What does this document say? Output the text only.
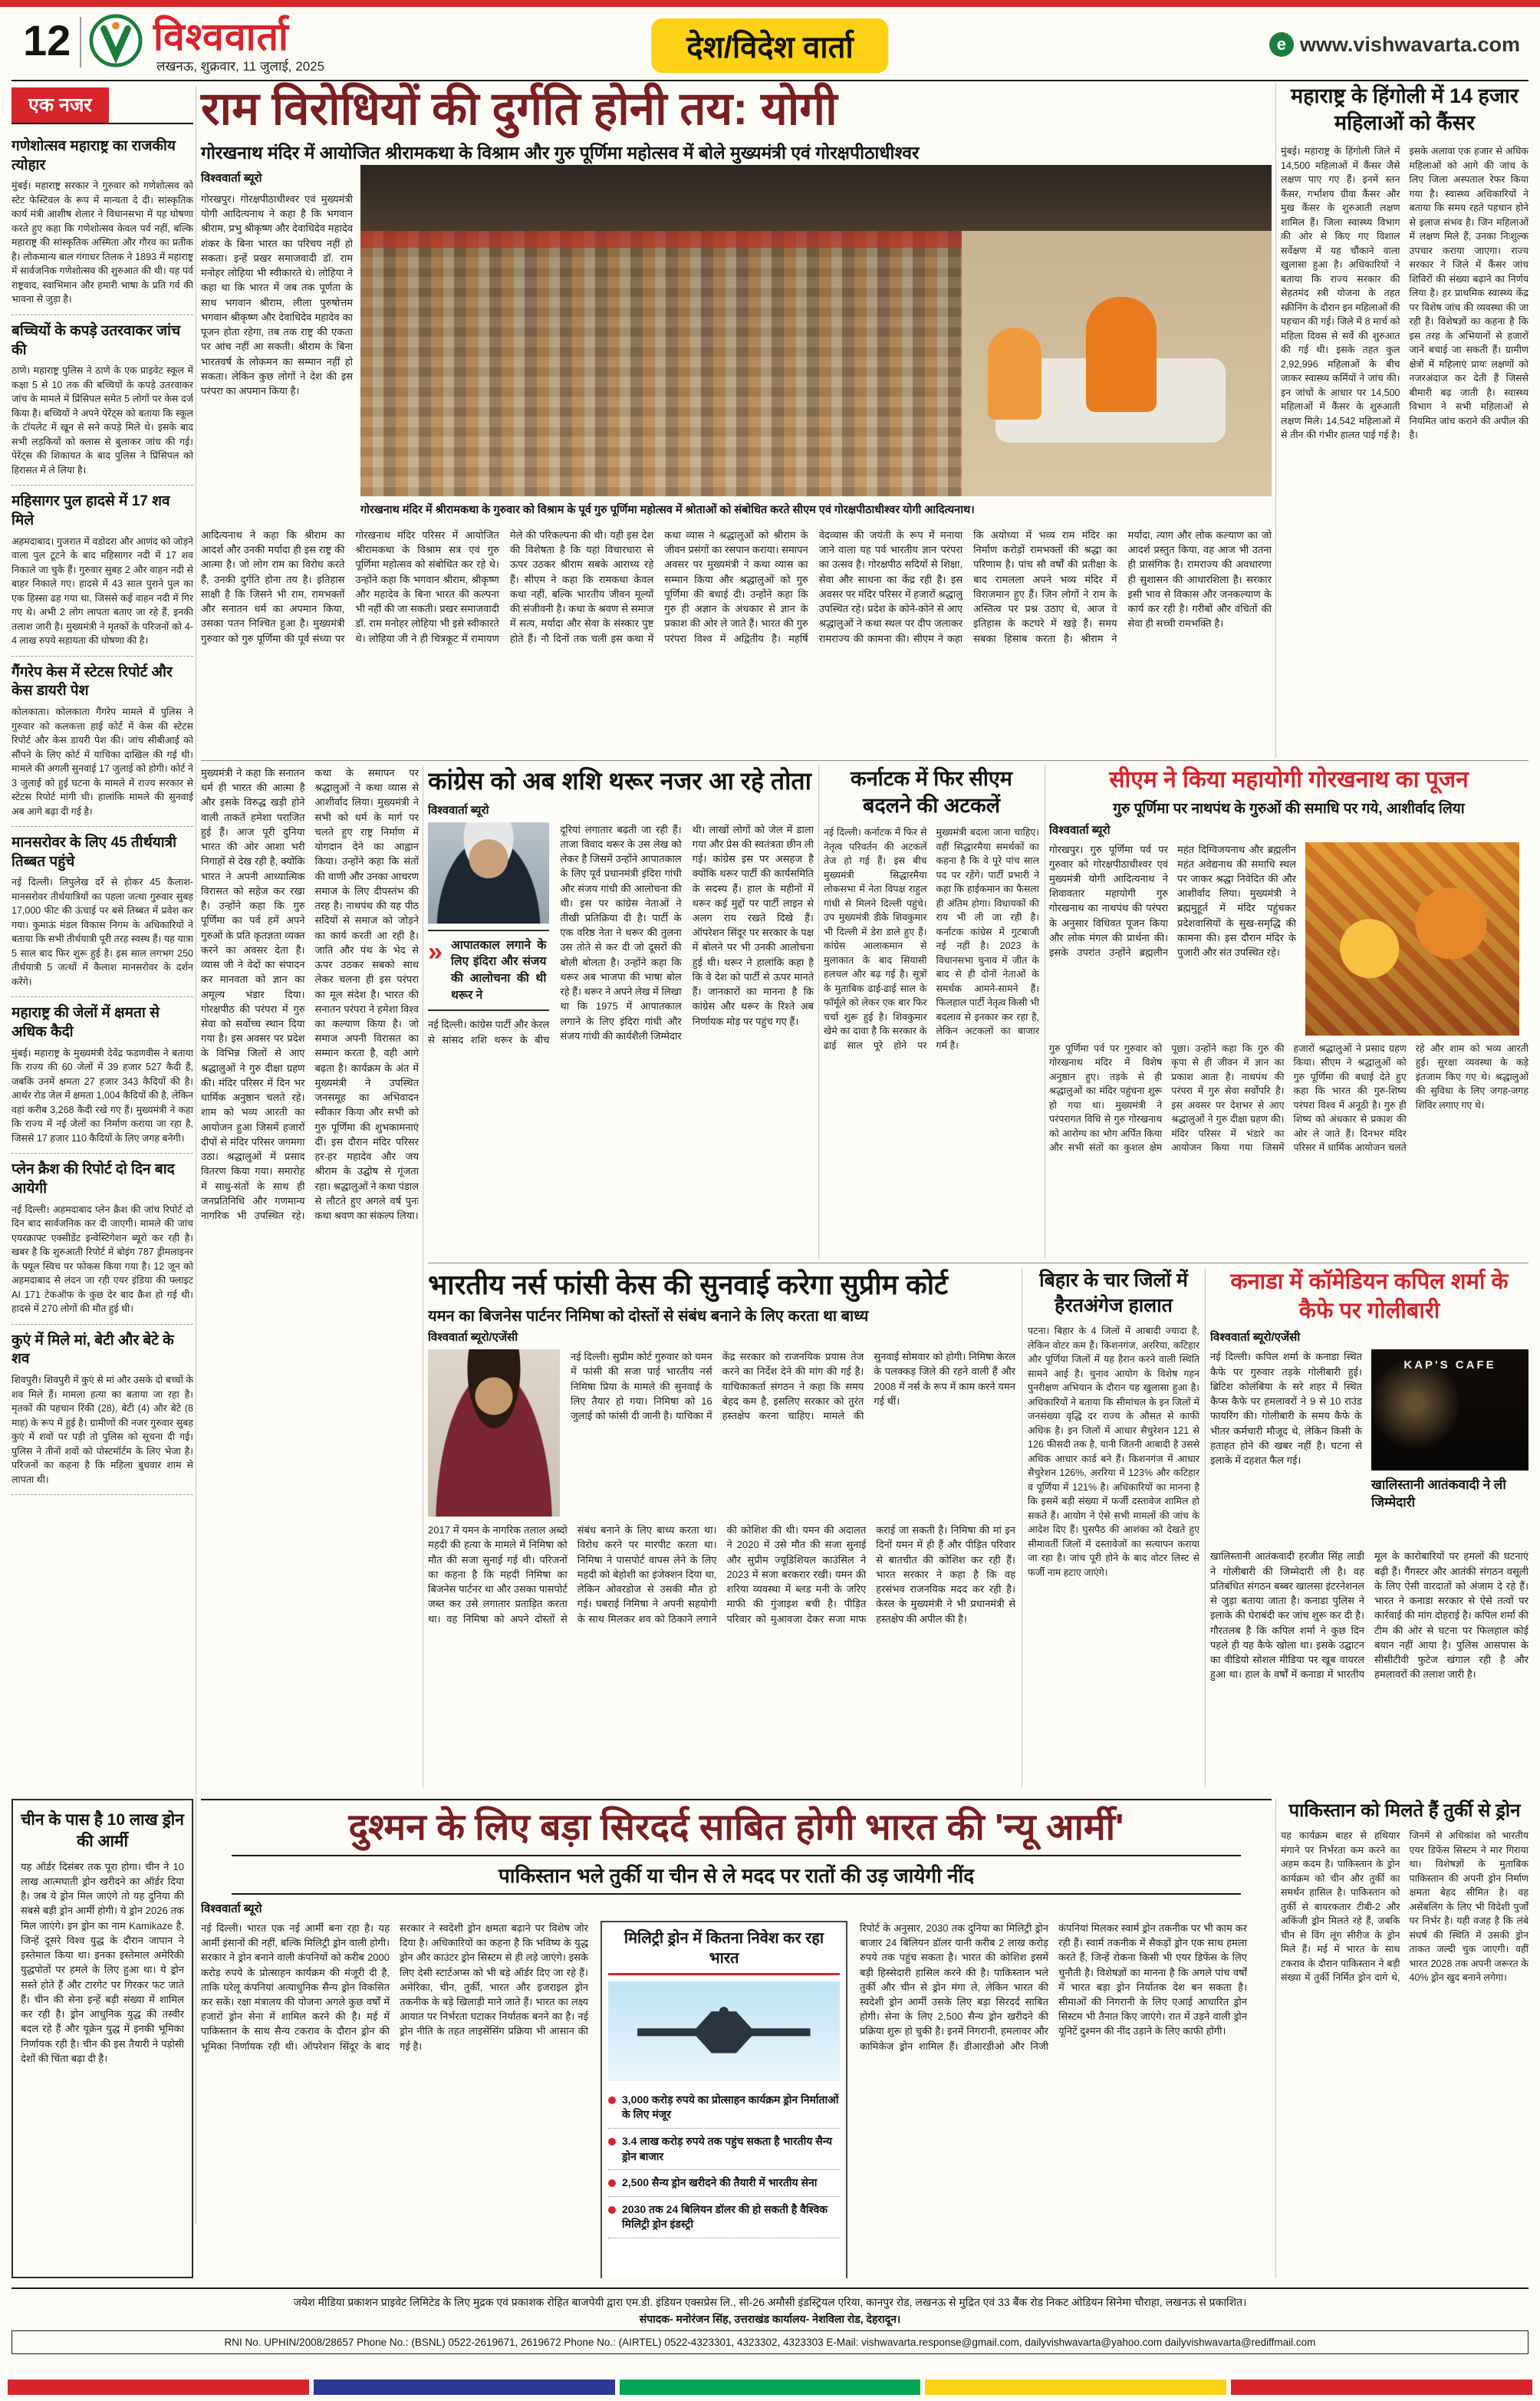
12 विश्ववार्ता
लखनऊ, शुक्रवार, 11 जुलाई, 2025
देश/विदेश वार्ता e	www.vishwavarta.com
एक नजर
गणेशोत्सव महाराष्ट्र का राजकीय त्योहार
मुंबई। महाराष्ट्र सरकार ने गुरुवार को गणेशोत्सव को स्टेट फेस्टिवल के रूप में मान्यता दे दी। सांस्कृतिक कार्य मंत्री आशीष शेलार ने विधानसभा में यह घोषणा करते हुए कहा कि गणेशोत्सव केवल पर्व नहीं, बल्कि महाराष्ट्र की सांस्कृतिक अस्मिता और गौरव का प्रतीक है। लोकमान्य बाल गंगाधर तिलक ने 1893 में महाराष्ट्र में सार्वजनिक गणेशोत्सव की शुरुआत की थी। यह पर्व राष्ट्रवाद, स्वाभिमान और हमारी भाषा के प्रति गर्व की भावना से जुड़ा है।
बच्चियों के कपड़े उतरवाकर जांच की
ठाणे। महाराष्ट्र पुलिस ने ठाणे के एक प्राइवेट स्कूल में कक्षा 5 से 10 तक की बच्चियों के कपड़े उतरवाकर जांच के मामले में प्र‍िंसिपल समेत 5 लोगों पर केस दर्ज किया है। बच्चियों ने अपने पेरेंट्स को बताया कि स्कूल के टॉयलेट में खून से सने कपड़े मिले थे। इसके बाद सभी लड़कियों को क्लास से बुलाकर जांच की गई। पेरेंट्स की शिकायत के बाद पुलिस ने प्रिंसिपल को हिरासत में ले लिया है।
महिसागर पुल हादसे में 17 शव मिले
अहमदाबाद। गुजरात में वडोदरा और आणंद को जोड़ने वाला पुल टूटने के बाद महिसागर नदी में 17 शव निकाले जा चुके हैं। गुरुवार सुबह 2 और वाहन नदी से बाहर निकाले गए। हादसे में 43 साल पुराने पुल का एक हिस्सा ढह गया था, जिससे कई वाहन नदी में गिर गए थे। अभी 2 लोग लापता बताए जा रहे हैं, इनकी तलाश जारी है। मुख्यमंत्री ने मृतकों के परिजनों को 4-4 लाख रुपये सहायता की घोषणा की है।
गैंगरेप केस में स्टेटस रिपोर्ट और केस डायरी पेश
कोलकाता। कोलकाता गैंगरेप मामले में पुलिस ने गुरुवार को कलकत्ता हाई कोर्ट में केस की स्टेटस रिपोर्ट और केस डायरी पेश की। जांच सीबीआई को सौंपने के लिए कोर्ट में याचिका दाखिल की गई थी। मामले की अगली सुनवाई 17 जुलाई को होगी। कोर्ट ने 3 जुलाई को हुई घटना के मामले में राज्य सरकार से स्टेटस रिपोर्ट मांगी थी। हालांकि मामले की सुनवाई अब आगे बढ़ा दी गई है।
मानसरोवर के लिए 45 तीर्थयात्री तिब्बत पहुंचे
नई दिल्ली। लिपुलेख दर्रे से होकर 45 कैलाश-मानसरोवर तीर्थयात्रियों का पहला जत्था गुरुवार सुबह 17,000 फीट की ऊंचाई पर बसे तिब्बत में प्रवेश कर गया। कुमाऊं मंडल विकास निगम के अधिकारियों ने बताया कि सभी तीर्थयात्री पूरी तरह स्वस्थ हैं। यह यात्रा 5 साल बाद फिर शुरू हुई है। इस साल लगभग 250 तीर्थयात्री 5 जत्थों में कैलाश मानसरोवर के दर्शन करेंगे।
महाराष्ट्र की जेलों में क्षमता से अधिक कैदी
मुंबई। महाराष्ट्र के मुख्यमंत्री देवेंद्र फडणवीस ने बताया कि राज्य की 60 जेलों में 39 हजार 527 कैदी हैं, जबकि उनमें क्षमता 27 हजार 343 कैदियों की है। आर्थर रोड जेल में क्षमता 1,004 कैदियों की है, लेकिन वहां करीब 3,268 कैदी रखे गए हैं। मुख्यमंत्री ने कहा कि राज्य में नई जेलों का निर्माण कराया जा रहा है, जिससे 17 हजार 110 कैदियों के लिए जगह बनेगी।
प्लेन क्रैश की रिपोर्ट दो दिन बाद आयेगी
नई दिल्ली। अहमदाबाद प्लेन क्रैश की जांच रिपोर्ट दो दिन बाद सार्वजनिक कर दी जाएगी। मामले की जांच एयरक्राफ्ट एक्सीडेंट इन्वेस्टिगेशन ब्यूरो कर रही है। खबर है कि शुरुआती रिपोर्ट में बोइंग 787 ड्रीमलाइनर के फ्यूल स्विच पर फोकस किया गया है। 12 जून को अहमदाबाद से लंदन जा रही एयर इंडिया की फ्लाइट AI 171 टेकऑफ के कुछ देर बाद क्रैश हो गई थी। हादसे में 270 लोगों की मौत हुई थी।
कुएं में मिले मां, बेटी और बेटे के शव
शिवपुरी। शिवपुरी में कुएं से मां और उसके दो बच्चों के शव मिले हैं। मामला हत्या का बताया जा रहा है। मृतकों की पहचान रिंकी (28), बेटी (4) और बेटे (8 माह) के रूप में हुई है। ग्रामीणों की नजर गुरुवार सुबह कुएं में शवों पर पड़ी तो पुलिस को सूचना दी गई। पुलिस ने तीनों शवों को पोस्टमॉर्टम के लिए भेजा है। परिजनों का कहना है कि महिला बुधवार शाम से लापता थी।
चीन के पास है 10 लाख ड्रोन की आर्मी
यह ऑर्डर दिसंबर तक पूरा होगा। चीन ने 10 लाख आत्मघाती ड्रोन खरीदने का ऑर्डर दिया है। जब ये ड्रोन मिल जाएंगे तो यह दुनिया की सबसे बड़ी ड्रोन आर्मी होगी। ये ड्रोन 2026 तक मिल जाएंगे। इन ड्रोन का नाम Kamikaze है, जिन्हें दूसरे विश्व युद्ध के दौरान जापान ने इस्तेमाल किया था। इनका इस्तेमाल अमेरिकी युद्धपोतों पर हमले के लिए हुआ था। ये ड्रोन सस्ते होते हैं और टारगेट पर गिरकर फट जाते हैं। चीन की सेना इन्हें बड़ी संख्या में शामिल कर रही है। ड्रोन आधुनिक युद्ध की तस्वीर बदल रहे हैं और यूक्रेन युद्ध में इनकी भूमिका निर्णायक रही है। चीन की इस तैयारी ने पड़ोसी देशों की चिंता बढ़ा दी है।
राम विरोधियों की दुर्गति होनी तय: योगी
गोरखनाथ मंदिर में आयोजित श्रीरामकथा के विश्राम और गुरु पूर्णिमा महोत्सव में बोले मुख्यमंत्री एवं गोरक्षपीठाधीश्वर
विश्ववार्ता ब्यूरो
गोरखपुर। गोरक्षपीठाधीश्वर एवं मुख्यमंत्री योगी आदित्यनाथ ने कहा है कि भगवान श्रीराम, प्रभु श्रीकृष्ण और देवाधिदेव महादेव शंकर के बिना भारत का परिचय नहीं हो सकता। इन्हें प्रखर समाजवादी डॉ. राम मनोहर लोहिया भी स्वीकारते थे। लोहिया ने कहा था कि भारत में जब तक पूर्णता के साथ भगवान श्रीराम, लीला पुरुषोत्तम भगवान श्रीकृष्ण और देवाधिदेव महादेव का पूजन होता रहेगा, तब तक राष्ट्र की एकता पर आंच नहीं आ सकती। श्रीराम के बिना भारतवर्ष के लोकमन का सम्मान नहीं हो सकता। लेकिन कुछ लोगों ने देश की इस परंपरा का अपमान किया है।
गोरखनाथ मंदिर में श्रीरामकथा के गुरुवार को विश्राम के पूर्व गुरु पूर्णिमा महोत्सव में श्रोताओं को संबोधित करते सीएम एवं गोरक्षपीठाधीश्वर योगी आदित्यनाथ।
आदित्यनाथ ने कहा कि श्रीराम का आदर्श और उनकी मर्यादा ही इस राष्ट्र की आत्मा है। जो लोग राम का विरोध करते हैं, उनकी दुर्गति होना तय है। इतिहास साक्षी है कि जिसने भी राम, रामभक्तों और सनातन धर्म का अपमान किया, उसका पतन निश्चित हुआ है। मुख्यमंत्री गुरुवार को गुरु पूर्णिमा की पूर्व संध्या पर गोरखनाथ मंदिर परिसर में आयोजित श्रीरामकथा के विश्राम सत्र एवं गुरु पूर्णिमा महोत्सव को संबोधित कर रहे थे। उन्होंने कहा कि भगवान श्रीराम, श्रीकृष्ण और महादेव के बिना भारत की कल्पना भी नहीं की जा सकती। प्रखर समाजवादी डॉ. राम मनोहर लोहिया भी इसे स्वीकारते थे। लोहिया जी ने ही चित्रकूट में रामायण मेले की परिकल्पना की थी। यही इस देश की विशेषता है कि यहां विचारधारा से ऊपर उठकर श्रीराम सबके आराध्य रहे हैं। सीएम ने कहा कि रामकथा केवल कथा नहीं, बल्कि भारतीय जीवन मूल्यों की संजीवनी है। कथा के श्रवण से समाज में सत्य, मर्यादा और सेवा के संस्कार पुष्ट होते हैं। नौ दिनों तक चली इस कथा में कथा व्यास ने श्रद्धालुओं को श्रीराम के जीवन प्रसंगों का रसपान कराया। समापन अवसर पर मुख्यमंत्री ने कथा व्यास का सम्मान किया और श्रद्धालुओं को गुरु पूर्णिमा की बधाई दी। उन्होंने कहा कि गुरु ही अज्ञान के अंधकार से ज्ञान के प्रकाश की ओर ले जाते हैं। भारत की गुरु परंपरा विश्व में अद्वितीय है। महर्षि वेदव्यास की जयंती के रूप में मनाया जाने वाला यह पर्व भारतीय ज्ञान परंपरा का उत्सव है। गोरक्षपीठ सदियों से शिक्षा, सेवा और साधना का केंद्र रही है। इस अवसर पर मंदिर परिसर में हजारों श्रद्धालु उपस्थित रहे। प्रदेश के कोने-कोने से आए श्रद्धालुओं ने कथा स्थल पर दीप जलाकर रामराज्य की कामना की। सीएम ने कहा कि अयोध्या में भव्य राम मंदिर का निर्माण करोड़ों रामभक्तों की श्रद्धा का परिणाम है। पांच सौ वर्षों की प्रतीक्षा के बाद रामलला अपने भव्य मंदिर में विराजमान हुए हैं। जिन लोगों ने राम के अस्तित्व पर प्रश्न उठाए थे, आज वे इतिहास के कटघरे में खड़े हैं। समय सबका हिसाब करता है। श्रीराम ने मर्यादा, त्याग और लोक कल्याण का जो आदर्श प्रस्तुत किया, वह आज भी उतना ही प्रासंगिक है। रामराज्य की अवधारणा ही सुशासन की आधारशिला है। सरकार इसी भाव से विकास और जनकल्याण के कार्य कर रही है। गरीबों और वंचितों की सेवा ही सच्ची रामभक्ति है।
मुख्यमंत्री ने कहा कि सनातन धर्म ही भारत की आत्मा है और इसके विरुद्ध खड़ी होने वाली ताकतें हमेशा पराजित हुई हैं। आज पूरी दुनिया भारत की ओर आशा भरी निगाहों से देख रही है, क्योंकि भारत ने अपनी आध्यात्मिक विरासत को सहेज कर रखा है। उन्होंने कहा कि गुरु पूर्णिमा का पर्व हमें अपने गुरुओं के प्रति कृतज्ञता व्यक्त करने का अवसर देता है। व्यास जी ने वेदों का संपादन कर मानवता को ज्ञान का अमूल्य भंडार दिया। गोरक्षपीठ की परंपरा में गुरु सेवा को सर्वोच्च स्थान दिया गया है। इस अवसर पर प्रदेश के विभिन्न जिलों से आए श्रद्धालुओं ने गुरु दीक्षा ग्रहण की। मंदिर परिसर में दिन भर धार्मिक अनुष्ठान चलते रहे। शाम को भव्य आरती का आयोजन हुआ जिसमें हजारों दीपों से मंदिर परिसर जगमगा उठा। श्रद्धालुओं में प्रसाद वितरण किया गया। समारोह में साधु-संतों के साथ ही जनप्रतिनिधि और गणमान्य नागरिक भी उपस्थित रहे। कथा के समापन पर श्रद्धालुओं ने कथा व्यास से आशीर्वाद लिया। मुख्यमंत्री ने सभी को धर्म के मार्ग पर चलते हुए राष्ट्र निर्माण में योगदान देने का आह्वान किया। उन्होंने कहा कि संतों की वाणी और उनका आचरण समाज के लिए दीपस्तंभ की तरह है। नाथपंथ की यह पीठ सदियों से समाज को जोड़ने का कार्य करती आ रही है। जाति और पंथ के भेद से ऊपर उठकर सबको साथ लेकर चलना ही इस परंपरा का मूल संदेश है। भारत की सनातन परंपरा ने हमेशा विश्व का कल्याण किया है। जो समाज अपनी विरासत का सम्मान करता है, वही आगे बढ़ता है। कार्यक्रम के अंत में मुख्यमंत्री ने उपस्थित जनसमूह का अभिवादन स्वीकार किया और सभी को गुरु पूर्णिमा की शुभकामनाएं दीं। इस दौरान मंदिर परिसर हर-हर महादेव और जय श्रीराम के उद्घोष से गूंजता रहा। श्रद्धालुओं ने कथा पंडाल से लौटते हुए अगले वर्ष पुनः कथा श्रवण का संकल्प लिया।
महाराष्ट्र के हिंगोली में 14 हजार महिलाओं को कैंसर
मुंबई। महाराष्ट्र के हिंगोली जिले में 14,500 महिलाओं में कैंसर जैसे लक्षण पाए गए हैं। इनमें स्तन कैंसर, गर्भाशय ग्रीवा कैंसर और मुख कैंसर के शुरुआती लक्षण शामिल हैं। जिला स्वास्थ्य विभाग की ओर से किए गए विशाल सर्वेक्षण में यह चौंकाने वाला खुलासा हुआ है। अधिकारियों ने बताया कि राज्य सरकार की सेहतमंद स्त्री योजना के तहत स्क्रीनिंग के दौरान इन महिलाओं की पहचान की गई। जिले में 8 मार्च को महिला दिवस से सर्वे की शुरुआत की गई थी। इसके तहत कुल 2,92,996 महिलाओं के बीच जाकर स्वास्थ्य कर्मियों ने जांच की। इन जांचों के आधार पर 14,500 महिलाओं में कैंसर के शुरुआती लक्षण मिले। 14,542 महिलाओं में से तीन की गंभीर हालत पाई गई है। इसके अलावा एक हजार से अधिक महिलाओं को आगे की जांच के लिए जिला अस्पताल रेफर किया गया है। स्वास्थ्य अधिकारियों ने बताया कि समय रहते पहचान होने से इलाज संभव है। जिन महिलाओं में लक्षण मिले हैं, उनका निःशुल्क उपचार कराया जाएगा। राज्य सरकार ने जिले में कैंसर जांच शिविरों की संख्या बढ़ाने का निर्णय लिया है। हर प्राथमिक स्वास्थ्य केंद्र पर विशेष जांच की व्यवस्था की जा रही है। विशेषज्ञों का कहना है कि इस तरह के अभियानों से हजारों जानें बचाई जा सकती हैं। ग्रामीण क्षेत्रों में महिलाएं प्रायः लक्षणों को नजरअंदाज कर देती हैं जिससे बीमारी बढ़ जाती है। स्वास्थ्य विभाग ने सभी महिलाओं से नियमित जांच कराने की अपील की है।
कांग्रेस को अब शशि थरूर नजर आ रहे तोता
विश्ववार्ता ब्यूरो
» आपातकाल लगाने के लिए इंदिरा और संजय की आलोचना की थी थरूर ने
नई दिल्ली। कांग्रेस पार्टी और केरल से सांसद शशि थरूर के बीच दूरियां लगातार बढ़ती जा रही हैं। ताजा विवाद थरूर के उस लेख को लेकर है जिसमें उन्होंने आपातकाल के लिए पूर्व प्रधानमंत्री इंदिरा गांधी और संजय गांधी की आलोचना की थी। इस पर कांग्रेस नेताओं ने तीखी प्रतिक्रिया दी है। पार्टी के एक वरिष्ठ नेता ने थरूर की तुलना उस तोते से कर दी जो दूसरों की बोली बोलता है। उन्होंने कहा कि थरूर अब भाजपा की भाषा बोल रहे हैं। थरूर ने अपने लेख में लिखा था कि 1975 में आपातकाल लगाने के लिए इंदिरा गांधी और संजय गांधी की कार्यशैली जिम्मेदार थी। लाखों लोगों को जेल में डाला गया और प्रेस की स्वतंत्रता छीन ली गई। कांग्रेस इस पर असहज है क्योंकि थरूर पार्टी की कार्यसमिति के सदस्य हैं। हाल के महीनों में थरूर कई मुद्दों पर पार्टी लाइन से अलग राय रखते दिखे हैं। ऑपरेशन सिंदूर पर सरकार के पक्ष में बोलने पर भी उनकी आलोचना हुई थी। थरूर ने हालांकि कहा है कि वे देश को पार्टी से ऊपर मानते हैं। जानकारों का मानना है कि कांग्रेस और थरूर के रिश्ते अब निर्णायक मोड़ पर पहुंच गए हैं।
कर्नाटक में फिर सीएम बदलने की अटकलें
नई दिल्ली। कर्नाटक में फिर से नेतृत्व परिवर्तन की अटकलें तेज हो गई हैं। इस बीच मुख्यमंत्री सिद्धारमैया लोकसभा में नेता विपक्ष राहुल गांधी से मिलने दिल्ली पहुंचे। उप मुख्यमंत्री डीके शिवकुमार भी दिल्ली में डेरा डाले हुए हैं। कांग्रेस आलाकमान से मुलाकात के बाद सियासी हलचल और बढ़ गई है। सूत्रों के मुताबिक ढाई-ढाई साल के फॉर्मूले को लेकर एक बार फिर चर्चा शुरू हुई है। शिवकुमार खेमे का दावा है कि सरकार के ढाई साल पूरे होने पर मुख्यमंत्री बदला जाना चाहिए। वहीं सिद्धारमैया समर्थकों का कहना है कि वे पूरे पांच साल पद पर रहेंगे। पार्टी प्रभारी ने कहा कि हाईकमान का फैसला ही अंतिम होगा। विधायकों की राय भी ली जा रही है। कर्नाटक कांग्रेस में गुटबाजी नई नहीं है। 2023 के विधानसभा चुनाव में जीत के बाद से ही दोनों नेताओं के समर्थक आमने-सामने हैं। फिलहाल पार्टी नेतृत्व किसी भी बदलाव से इनकार कर रहा है, लेकिन अटकलों का बाजार गर्म है।
सीएम ने किया महायोगी गोरखनाथ का पूजन
गुरु पूर्णिमा पर नाथपंथ के गुरुओं की समाधि पर गये, आशीर्वाद लिया
विश्ववार्ता ब्यूरो
गोरखपुर। गुरु पूर्णिमा पर्व पर गुरुवार को गोरक्षपीठाधीश्वर एवं मुख्यमंत्री योगी आदित्यनाथ ने शिवावतार महायोगी गुरु गोरखनाथ का नाथपंथ की परंपरा के अनुसार विधिवत पूजन किया और लोक मंगल की प्रार्थना की। इसके उपरांत उन्होंने ब्रह्मलीन महंत दिग्विजयनाथ और ब्रह्मलीन महंत अवेद्यनाथ की समाधि स्थल पर जाकर श्रद्धा निवेदित की और आशीर्वाद लिया। मुख्यमंत्री ने ब्रह्ममुहूर्त में मंदिर पहुंचकर प्रदेशवासियों के सुख-समृद्धि की कामना की। इस दौरान मंदिर के पुजारी और संत उपस्थित रहे।
गुरु पूर्णिमा पर्व पर गुरुवार को गोरखनाथ मंदिर में विशेष अनुष्ठान हुए। तड़के से ही श्रद्धालुओं का मंदिर पहुंचना शुरू हो गया था। मुख्यमंत्री ने परंपरागत विधि से गुरु गोरखनाथ को आरोग्य का भोग अर्पित किया और सभी संतों का कुशल क्षेम पूछा। उन्होंने कहा कि गुरु की कृपा से ही जीवन में ज्ञान का प्रकाश आता है। नाथपंथ की परंपरा में गुरु सेवा सर्वोपरि है। इस अवसर पर देशभर से आए श्रद्धालुओं ने गुरु दीक्षा ग्रहण की। मंदिर परिसर में भंडारे का आयोजन किया गया जिसमें हजारों श्रद्धालुओं ने प्रसाद ग्रहण किया। सीएम ने श्रद्धालुओं को गुरु पूर्णिमा की बधाई देते हुए कहा कि भारत की गुरु-शिष्य परंपरा विश्व में अनूठी है। गुरु ही शिष्य को अंधकार से प्रकाश की ओर ले जाते हैं। दिनभर मंदिर परिसर में धार्मिक आयोजन चलते रहे और शाम को भव्य आरती हुई। सुरक्षा व्यवस्था के कड़े इंतजाम किए गए थे। श्रद्धालुओं की सुविधा के लिए जगह-जगह शिविर लगाए गए थे।
भारतीय नर्स फांसी केस की सुनवाई करेगा सुप्रीम कोर्ट
यमन का बिजनेस पार्टनर निमिषा को दोस्तों से संबंध बनाने के लिए करता था बाध्य
विश्ववार्ता ब्यूरो/एजेंसी
नई दिल्ली। सुप्रीम कोर्ट गुरुवार को यमन में फांसी की सजा पाई भारतीय नर्स निमिषा प्रिया के मामले की सुनवाई के लिए तैयार हो गया। निमिषा को 16 जुलाई को फांसी दी जानी है। याचिका में केंद्र सरकार को राजनयिक प्रयास तेज करने का निर्देश देने की मांग की गई है। याचिकाकर्ता संगठन ने कहा कि समय बेहद कम है, इसलिए सरकार को तुरंत हस्तक्षेप करना चाहिए। मामले की सुनवाई सोमवार को होगी। निमिषा केरल के पलक्कड़ जिले की रहने वाली हैं और 2008 में नर्स के रूप में काम करने यमन गई थीं।
2017 में यमन के नागरिक तलाल अब्दो महदी की हत्या के मामले में निमिषा को मौत की सजा सुनाई गई थी। परिजनों का कहना है कि महदी निमिषा का बिजनेस पार्टनर था और उसका पासपोर्ट जब्त कर उसे लगातार प्रताड़ित करता था। वह निमिषा को अपने दोस्तों से संबंध बनाने के लिए बाध्य करता था। विरोध करने पर मारपीट करता था। निमिषा ने पासपोर्ट वापस लेने के लिए महदी को बेहोशी का इंजेक्शन दिया था, लेकिन ओवरडोज से उसकी मौत हो गई। घबराई निमिषा ने अपनी सहयोगी के साथ मिलकर शव को ठिकाने लगाने की कोशिश की थी। यमन की अदालत ने 2020 में उसे मौत की सजा सुनाई और सुप्रीम ज्यूडिशियल काउंसिल ने 2023 में सजा बरकरार रखी। यमन की शरिया व्यवस्था में ब्लड मनी के जरिए माफी की गुंजाइश बची है। पीड़ित परिवार को मुआवजा देकर सजा माफ कराई जा सकती है। निमिषा की मां इन दिनों यमन में ही हैं और पीड़ित परिवार से बातचीत की कोशिश कर रही हैं। भारत सरकार ने कहा है कि वह हरसंभव राजनयिक मदद कर रही है। केरल के मुख्यमंत्री ने भी प्रधानमंत्री से हस्तक्षेप की अपील की है।
बिहार के चार जिलों में हैरतअंगेज हालात
पटना। बिहार के 4 जिलों में आबादी ज्यादा है, लेकिन वोटर कम हैं। किशनगंज, अररिया, कटिहार और पूर्णिया जिलों में यह हैरान करने वाली स्थिति सामने आई है। चुनाव आयोग के विशेष गहन पुनरीक्षण अभियान के दौरान यह खुलासा हुआ है। अधिकारियों ने बताया कि सीमांचल के इन जिलों में जनसंख्या वृद्धि दर राज्य के औसत से काफी अधिक है। इन जिलों में आधार सैचुरेशन 121 से 126 फीसदी तक है, यानी जितनी आबादी है उससे अधिक आधार कार्ड बने हैं। किशनगंज में आधार सैचुरेशन 126%, अररिया में 123% और कटिहार व पूर्णिया में 121% है। अधिकारियों का मानना है कि इसमें बड़ी संख्या में फर्जी दस्तावेज शामिल हो सकते हैं। आयोग ने ऐसे सभी मामलों की जांच के आदेश दिए हैं। घुसपैठ की आशंका को देखते हुए सीमावर्ती जिलों में दस्तावेजों का सत्यापन कराया जा रहा है। जांच पूरी होने के बाद वोटर लिस्ट से फर्जी नाम हटाए जाएंगे।
कनाडा में कॉमेडियन कपिल शर्मा के कैफे पर गोलीबारी
विश्ववार्ता ब्यूरो/एजेंसी
नई दिल्ली। कपिल शर्मा के कनाडा स्थित कैफे पर गुरुवार तड़के गोलीबारी हुई। ब्रिटिश कोलंबिया के सरे शहर में स्थित कैप्स कैफे पर हमलावरों ने 9 से 10 राउंड फायरिंग की। गोलीबारी के समय कैफे के भीतर कर्मचारी मौजूद थे, लेकिन किसी के हताहत होने की खबर नहीं है। घटना से इलाके में दहशत फैल गई।
KAP'S CAFE
खालिस्तानी आतंकवादी ने ली जिम्मेदारी
खालिस्तानी आतंकवादी हरजीत सिंह लाडी ने गोलीबारी की जिम्मेदारी ली है। वह प्रतिबंधित संगठन बब्बर खालसा इंटरनेशनल से जुड़ा बताया जाता है। कनाडा पुलिस ने इलाके की घेराबंदी कर जांच शुरू कर दी है। गौरतलब है कि कपिल शर्मा ने कुछ दिन पहले ही यह कैफे खोला था। इसके उद्घाटन का वीडियो सोशल मीडिया पर खूब वायरल हुआ था। हाल के वर्षों में कनाडा में भारतीय मूल के कारोबारियों पर हमलों की घटनाएं बढ़ी हैं। गैंगस्टर और आतंकी संगठन वसूली के लिए ऐसी वारदातों को अंजाम दे रहे हैं। भारत ने कनाडा सरकार से ऐसे तत्वों पर कार्रवाई की मांग दोहराई है। कपिल शर्मा की टीम की ओर से घटना पर फिलहाल कोई बयान नहीं आया है। पुलिस आसपास के सीसीटीवी फुटेज खंगाल रही है और हमलावरों की तलाश जारी है।
दुश्मन के लिए बड़ा सिरदर्द साबित होगी भारत की 'न्यू आर्मी'
पाकिस्तान भले तुर्की या चीन से ले मदद पर रातों की उड़ जायेगी नींद
विश्ववार्ता ब्यूरो
नई दिल्ली। भारत एक नई आर्मी बना रहा है। यह आर्मी इंसानों की नहीं, बल्कि मिलिट्री ड्रोन वाली होगी। सरकार ने ड्रोन बनाने वाली कंपनियों को करीब 2000 करोड़ रुपये के प्रोत्साहन कार्यक्रम की मंजूरी दी है, ताकि घरेलू कंपनियां अत्याधुनिक सैन्य ड्रोन विकसित कर सकें। रक्षा मंत्रालय की योजना अगले कुछ वर्षों में हजारों ड्रोन सेना में शामिल करने की है। मई में पाकिस्तान के साथ सैन्य टकराव के दौरान ड्रोन की भूमिका निर्णायक रही थी। ऑपरेशन सिंदूर के बाद सरकार ने स्वदेशी ड्रोन क्षमता बढ़ाने पर विशेष जोर दिया है। अधिकारियों का कहना है कि भविष्य के युद्ध ड्रोन और काउंटर ड्रोन सिस्टम से ही लड़े जाएंगे। इसके लिए देसी स्टार्टअप्स को भी बड़े ऑर्डर दिए जा रहे हैं। अमेरिका, चीन, तुर्की, भारत और इजराइल ड्रोन तकनीक के बड़े खिलाड़ी माने जाते हैं। भारत का लक्ष्य आयात पर निर्भरता घटाकर निर्यातक बनने का है। नई ड्रोन नीति के तहत लाइसेंसिंग प्रक्रिया भी आसान की गई है।
मिलिट्री ड्रोन में कितना निवेश कर रहा भारत
3,000 करोड़ रुपये का प्रोत्साहन कार्यक्रम ड्रोन निर्माताओं के लिए मंजूर
3.4 लाख करोड़ रुपये तक पहुंच सकता है भारतीय सैन्य ड्रोन बाजार
2,500 सैन्य ड्रोन खरीदने की तैयारी में भारतीय सेना
2030 तक 24 बिलियन डॉलर की हो सकती है वैश्विक मिलिट्री ड्रोन इंडस्ट्री
रिपोर्ट के अनुसार, 2030 तक दुनिया का मिलिट्री ड्रोन बाजार 24 बिलियन डॉलर यानी करीब 2 लाख करोड़ रुपये तक पहुंच सकता है। भारत की कोशिश इसमें बड़ी हिस्सेदारी हासिल करने की है। पाकिस्तान भले तुर्की और चीन से ड्रोन मंगा ले, लेकिन भारत की स्वदेशी ड्रोन आर्मी उसके लिए बड़ा सिरदर्द साबित होगी। सेना के लिए 2,500 सैन्य ड्रोन खरीदने की प्रक्रिया शुरू हो चुकी है। इनमें निगरानी, हमलावर और कामिकेज ड्रोन शामिल हैं। डीआरडीओ और निजी कंपनियां मिलकर स्वार्म ड्रोन तकनीक पर भी काम कर रही हैं। स्वार्म तकनीक में सैकड़ों ड्रोन एक साथ हमला करते हैं, जिन्हें रोकना किसी भी एयर डिफेंस के लिए चुनौती है। विशेषज्ञों का मानना है कि अगले पांच वर्षों में भारत बड़ा ड्रोन निर्यातक देश बन सकता है। सीमाओं की निगरानी के लिए एआई आधारित ड्रोन सिस्टम भी तैनात किए जाएंगे। रात में उड़ने वाली ड्रोन यूनिटें दुश्मन की नींद उड़ाने के लिए काफी होंगी।
पाकिस्तान को मिलते हैं तुर्की से ड्रोन
यह कार्यक्रम बाहर से हथियार मंगाने पर निर्भरता कम करने का अहम कदम है। पाकिस्तान के ड्रोन कार्यक्रम को चीन और तुर्की का समर्थन हासिल है। पाकिस्तान को तुर्की से बायरकतार टीबी-2 और अकिंजी ड्रोन मिलते रहे हैं, जबकि चीन से विंग लूंग सीरीज के ड्रोन मिले हैं। मई में भारत के साथ टकराव के दौरान पाकिस्तान ने बड़ी संख्या में तुर्की निर्मित ड्रोन दागे थे, जिनमें से अधिकांश को भारतीय एयर डिफेंस सिस्टम ने मार गिराया था। विशेषज्ञों के मुताबिक पाकिस्तान की अपनी ड्रोन निर्माण क्षमता बेहद सीमित है। वह असेंबलिंग के लिए भी विदेशी पुर्जों पर निर्भर है। यही वजह है कि लंबे संघर्ष की स्थिति में उसकी ड्रोन ताकत जल्दी चुक जाएगी। वहीं भारत 2028 तक अपनी जरूरत के 40% ड्रोन खुद बनाने लगेगा।
जयेश मीडिया प्रकाशन प्राइवेट लिमिटेड के लिए मुद्रक एवं प्रकाशक रोहित बाजपेयी द्वारा एम.डी. इंडियन एक्सप्रेस लि., सी-26 अमौसी इंडस्ट्रियल एरिया, कानपुर रोड, लखनऊ से मुद्रित एवं 33 बैंक रोड निकट ओडियन सिनेमा चौराहा, लखनऊ से प्रकाशित।
संपादक- मनोरंजन सिंह, उत्तराखंड कार्यालय- नेशविला रोड, देहरादून।
RNI No. UPHIN/2008/28657 Phone No.: (BSNL) 0522-2619671, 2619672 Phone No.: (AIRTEL) 0522-4323301, 4323302, 4323303 E-Mail: vishwavarta.response@gmail.com, dailyvishwavarta@yahoo.com dailyvishwavarta@rediffmail.com
